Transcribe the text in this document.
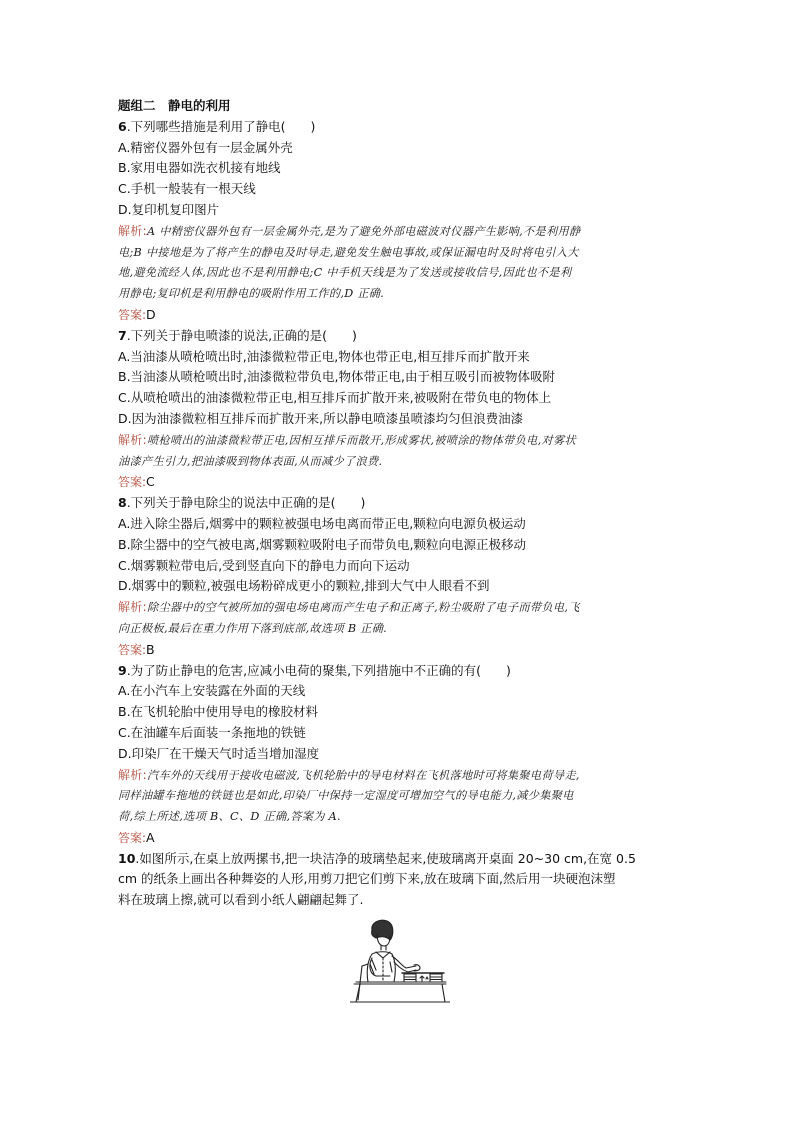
题组二　静电的利用
6.下列哪些措施是利用了静电(　　)
A.精密仪器外包有一层金属外壳
B.家用电器如洗衣机接有地线
C.手机一般装有一根天线
D.复印机复印图片
解析:A 中精密仪器外包有一层金属外壳,是为了避免外部电磁波对仪器产生影响,不是利用静
电;B 中接地是为了将产生的静电及时导走,避免发生触电事故,或保证漏电时及时将电引入大
地,避免流经人体,因此也不是利用静电;C 中手机天线是为了发送或接收信号,因此也不是利
用静电;复印机是利用静电的吸附作用工作的,D 正确.
答案:D
7.下列关于静电喷漆的说法,正确的是(　　)
A.当油漆从喷枪喷出时,油漆微粒带正电,物体也带正电,相互排斥而扩散开来
B.当油漆从喷枪喷出时,油漆微粒带负电,物体带正电,由于相互吸引而被物体吸附
C.从喷枪喷出的油漆微粒带正电,相互排斥而扩散开来,被吸附在带负电的物体上
D.因为油漆微粒相互排斥而扩散开来,所以静电喷漆虽喷漆均匀但浪费油漆
解析:喷枪喷出的油漆微粒带正电,因相互排斥而散开,形成雾状,被喷涂的物体带负电,对雾状
油漆产生引力,把油漆吸到物体表面,从而减少了浪费.
答案:C
8.下列关于静电除尘的说法中正确的是(　　)
A.进入除尘器后,烟雾中的颗粒被强电场电离而带正电,颗粒向电源负极运动
B.除尘器中的空气被电离,烟雾颗粒吸附电子而带负电,颗粒向电源正极移动
C.烟雾颗粒带电后,受到竖直向下的静电力而向下运动
D.烟雾中的颗粒,被强电场粉碎成更小的颗粒,排到大气中人眼看不到
解析:除尘器中的空气被所加的强电场电离而产生电子和正离子,粉尘吸附了电子而带负电,飞
向正极板,最后在重力作用下落到底部,故选项 B 正确.
答案:B
9.为了防止静电的危害,应减小电荷的聚集,下列措施中不正确的有(　　)
A.在小汽车上安装露在外面的天线
B.在飞机轮胎中使用导电的橡胶材料
C.在油罐车后面装一条拖地的铁链
D.印染厂在干燥天气时适当增加湿度
解析:汽车外的天线用于接收电磁波,飞机轮胎中的导电材料在飞机落地时可将集聚电荷导走,
同样油罐车拖地的铁链也是如此,印染厂中保持一定湿度可增加空气的导电能力,减少集聚电
荷,综上所述,选项 B、C、D 正确,答案为 A.
答案:A
10.如图所示,在桌上放两摞书,把一块洁净的玻璃垫起来,使玻璃离开桌面 20~30 cm,在宽 0.5
cm 的纸条上画出各种舞姿的人形,用剪刀把它们剪下来,放在玻璃下面,然后用一块硬泡沫塑
料在玻璃上擦,就可以看到小纸人翩翩起舞了.
